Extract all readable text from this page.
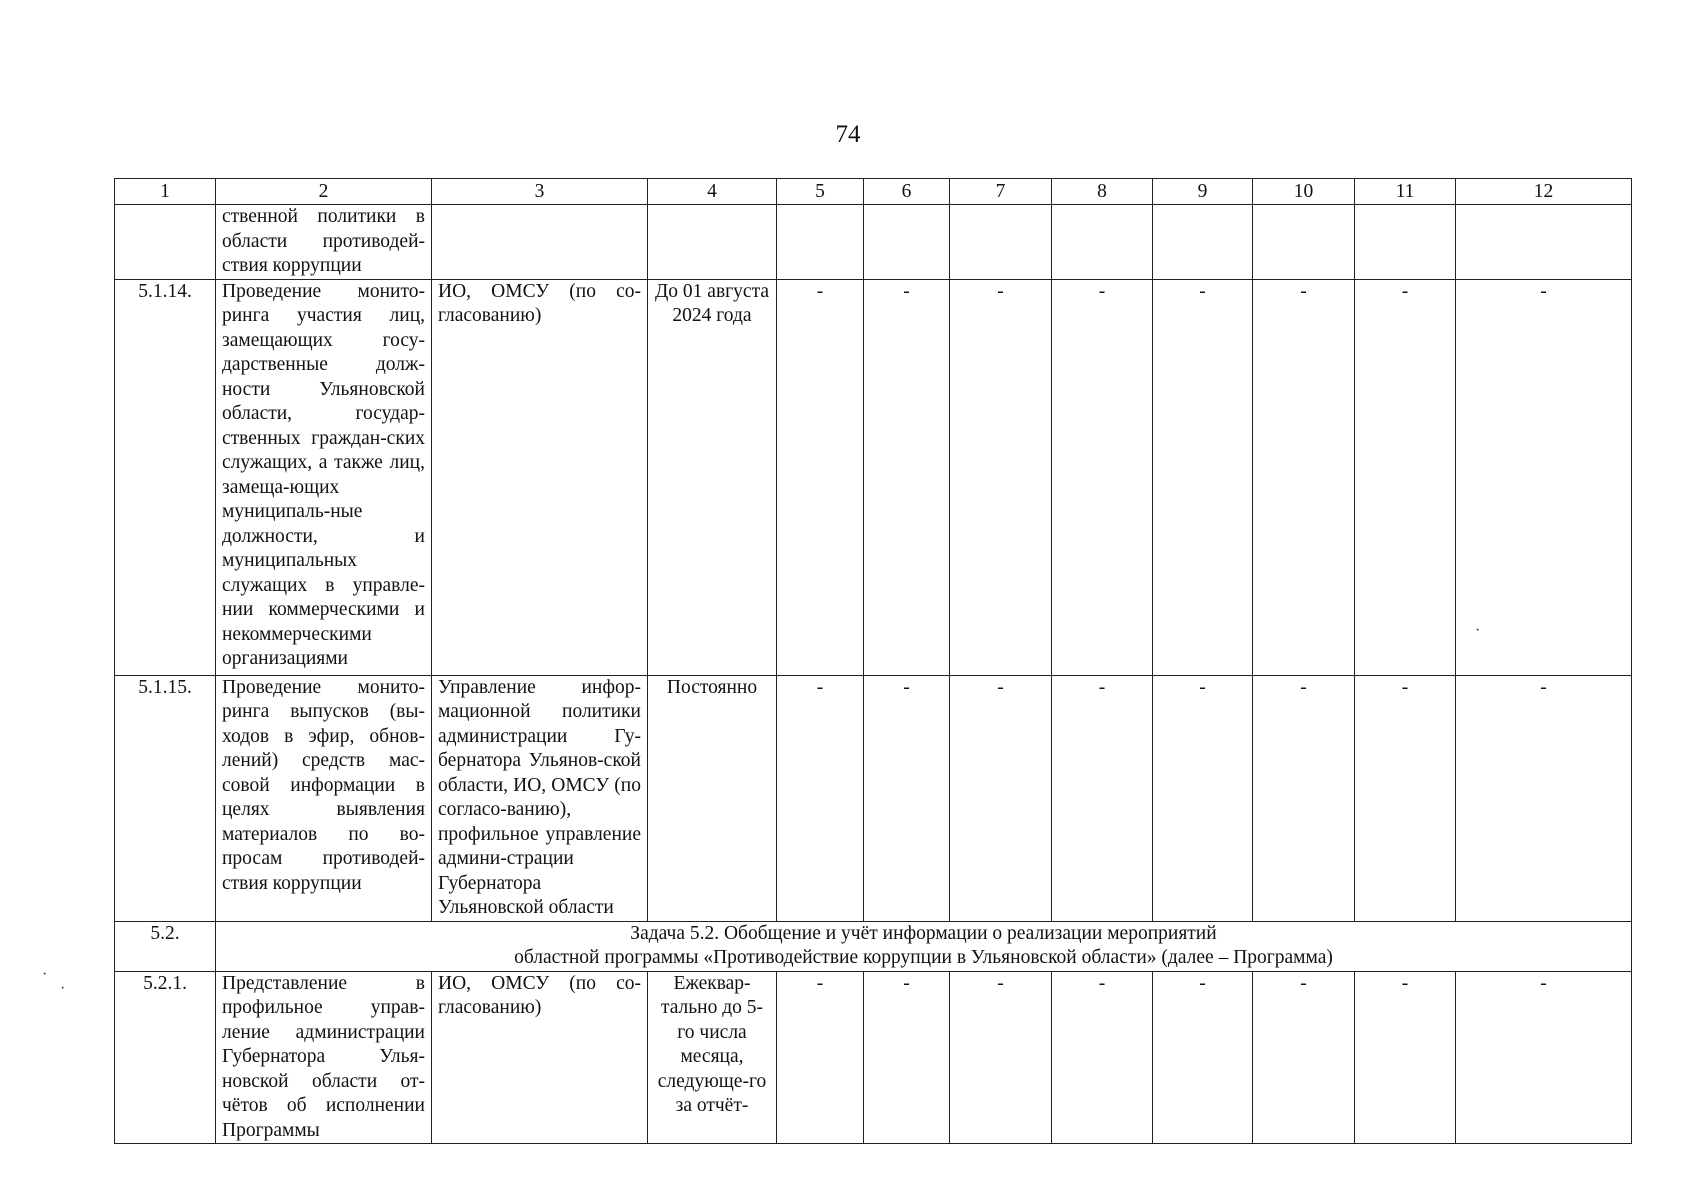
74
1	2	3	4	5	6	7	8	9	10	11	12
	ственной политики в области противодей-ствия коррупции										
5.1.14.	Проведение монито-ринга участия лиц, замещающих госу-дарственные долж-ности Ульяновской области, государ-ственных граждан-ских служащих, а также лиц, замеща-ющих муниципаль-ные должности, и муниципальных служащих в управле-нии коммерческими и некоммерческими организациями	ИО, ОМСУ (по со-гласованию)	До 01 августа 2024 года	-	-	-	-	-	-	-	-
5.1.15.	Проведение монито-ринга выпусков (вы-ходов в эфир, обнов-лений) средств мас-совой информации в целях выявления материалов по во-просам противодей-ствия коррупции	Управление инфор-мационной политики администрации Гу-бернатора Ульянов-ской области, ИО, ОМСУ (по согласо-ванию), профильное управление админи-страции Губернатора Ульяновской области	Постоянно	-	-	-	-	-	-	-	-
5.2.	Задача 5.2. Обобщение и учёт информации о реализации мероприятий
областной программы «Противодействие коррупции в Ульяновской области» (далее – Программа)										

5.2.1.	Представление в профильное управ-ление администрации Губернатора Улья-новской области от-чётов об исполнении Программы	ИО, ОМСУ (по со-гласованию)	Ежеквар-тально до 5-го числа месяца, следующе-го за отчёт-	-	-	-	-	-	-	-	-
·
·
·
